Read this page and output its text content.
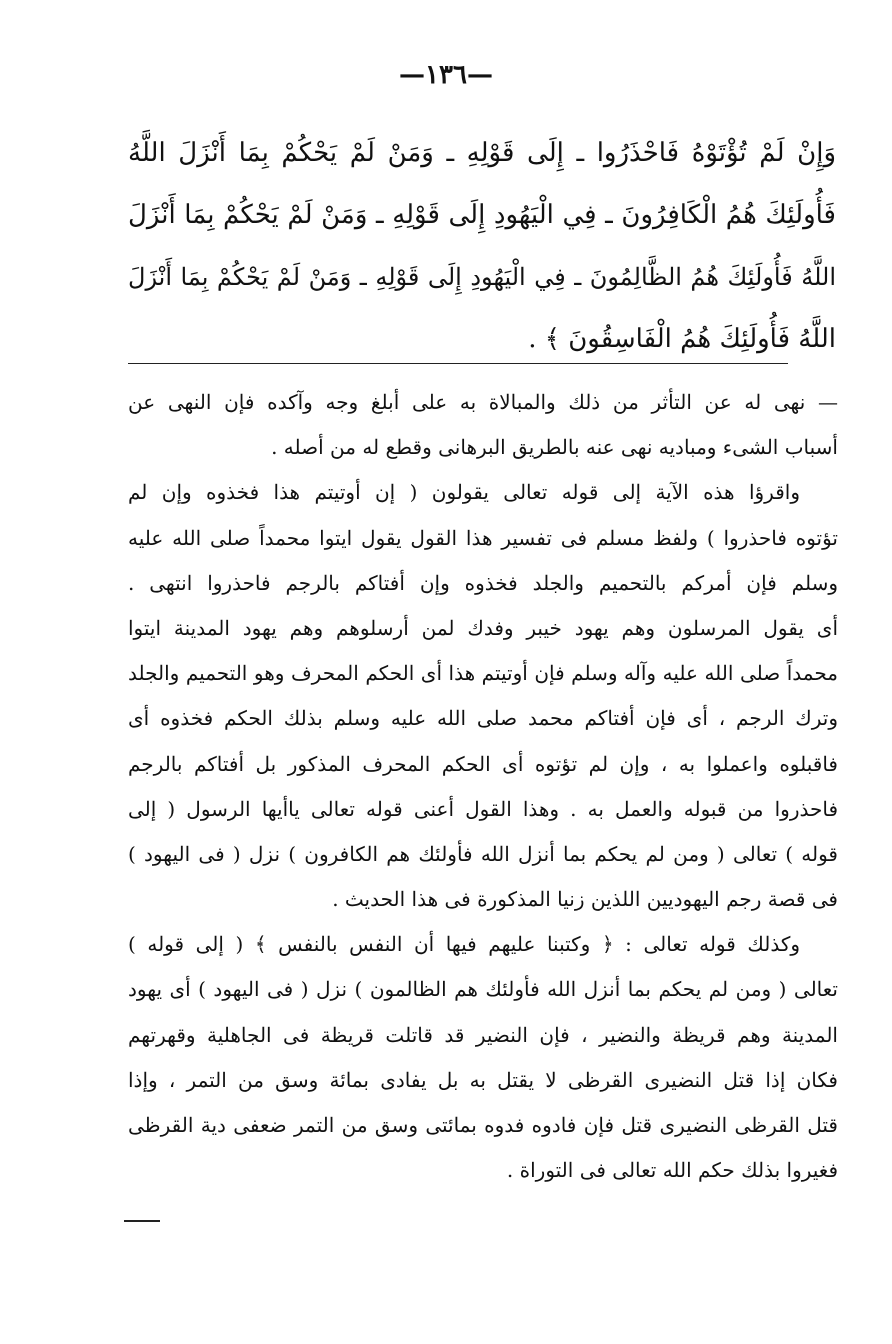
—١٣٦—
وَإِنْ لَمْ تُؤْتَوْهُ فَاحْذَرُوا ـ إِلَى قَوْلِهِ ـ وَمَنْ لَمْ يَحْكُمْ بِمَا أَنْزَلَ اللَّهُ
فَأُولَئِكَ هُمُ الْكَافِرُونَ ـ فِي الْيَهُودِ إِلَى قَوْلِهِ ـ وَمَنْ لَمْ يَحْكُمْ بِمَا أَنْزَلَ
اللَّهُ فَأُولَئِكَ هُمُ الظَّالِمُونَ ـ فِي الْيَهُودِ إِلَى قَوْلِهِ ـ وَمَنْ لَمْ يَحْكُمْ بِمَا أَنْزَلَ
اللَّهُ فَأُولَئِكَ هُمُ الْفَاسِقُونَ ﴾ .
— نهى له عن التأثر من ذلك والمبالاة به على أبلغ وجه وآكده فإن النهى عن
أسباب الشىء ومباديه نهى عنه بالطريق البرهانى وقطع له من أصله .
واقرؤا هذه الآية إلى قوله تعالى يقولون ( إن أوتيتم هذا فخذوه وإن لم
تؤتوه فاحذروا ) ولفظ مسلم فى تفسير هذا القول يقول ايتوا محمداً صلى الله عليه
وسلم فإن أمركم بالتحميم والجلد فخذوه وإن أفتاكم بالرجم فاحذروا انتهى .
أى يقول المرسلون وهم يهود خيبر وفدك لمن أرسلوهم وهم يهود المدينة ايتوا
محمداً صلى الله عليه وآله وسلم فإن أوتيتم هذا أى الحكم المحرف وهو التحميم والجلد
وترك الرجم ، أى فإن أفتاكم محمد صلى الله عليه وسلم بذلك الحكم فخذوه أى
فاقبلوه واعملوا به ، وإن لم تؤتوه أى الحكم المحرف المذكور بل أفتاكم بالرجم
فاحذروا من قبوله والعمل به . وهذا القول أعنى قوله تعالى ياأيها الرسول ( إلى
قوله ) تعالى ( ومن لم يحكم بما أنزل الله فأولئك هم الكافرون ) نزل ( فى اليهود )
فى قصة رجم اليهوديين اللذين زنيا المذكورة فى هذا الحديث .
وكذلك قوله تعالى : ﴿ وكتبنا عليهم فيها أن النفس بالنفس ﴾ ( إلى قوله )
تعالى ( ومن لم يحكم بما أنزل الله فأولئك هم الظالمون ) نزل ( فى اليهود ) أى يهود
المدينة وهم قريظة والنضير ، فإن النضير قد قاتلت قريظة فى الجاهلية وقهرتهم
فكان إذا قتل النضيرى القرظى لا يقتل به بل يفادى بمائة وسق من التمر ، وإذا
قتل القرظى النضيرى قتل فإن فادوه فدوه بمائتى وسق من التمر ضعفى دية القرظى
فغيروا بذلك حكم الله تعالى فى التوراة .
